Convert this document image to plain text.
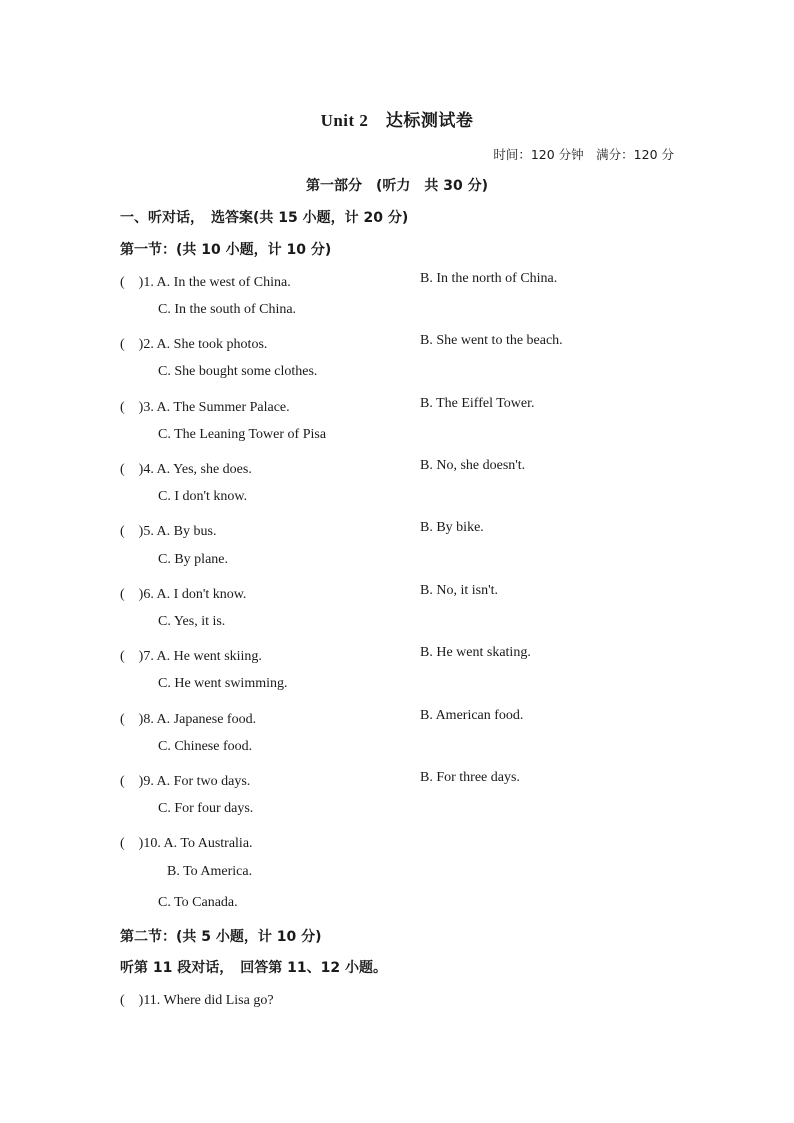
Unit 2　达标测试卷
时间：120 分钟　满分：120 分
第一部分　(听力　共 30 分)
一、听对话，　选答案(共 15 小题，计 20 分)
第一节：(共 10 小题，计 10 分)
(　)1. A. In the west of China.	B. In the north of China.
C. In the south of China.
(　)2. A. She took photos.	B. She went to the beach.
C. She bought some clothes.
(　)3. A. The Summer Palace.	B. The Eiffel Tower.
C. The Leaning Tower of Pisa
(　)4. A. Yes, she does.	B. No, she doesn't.
C. I don't know.
(　)5. A. By bus.	B. By bike.
C. By plane.
(　)6. A. I don't know.	B. No, it isn't.
C. Yes, it is.
(　)7. A. He went skiing.	B. He went skating.
C. He went swimming.
(　)8. A. Japanese food.	B. American food.
C. Chinese food.
(　)9. A. For two days.	B. For three days.
C. For four days.
(　)10. A. To Australia.
B. To America.
C. To Canada.
第二节：(共 5 小题，计 10 分)
听第 11 段对话，　回答第 11、12 小题。
(　)11. Where did Lisa go?
